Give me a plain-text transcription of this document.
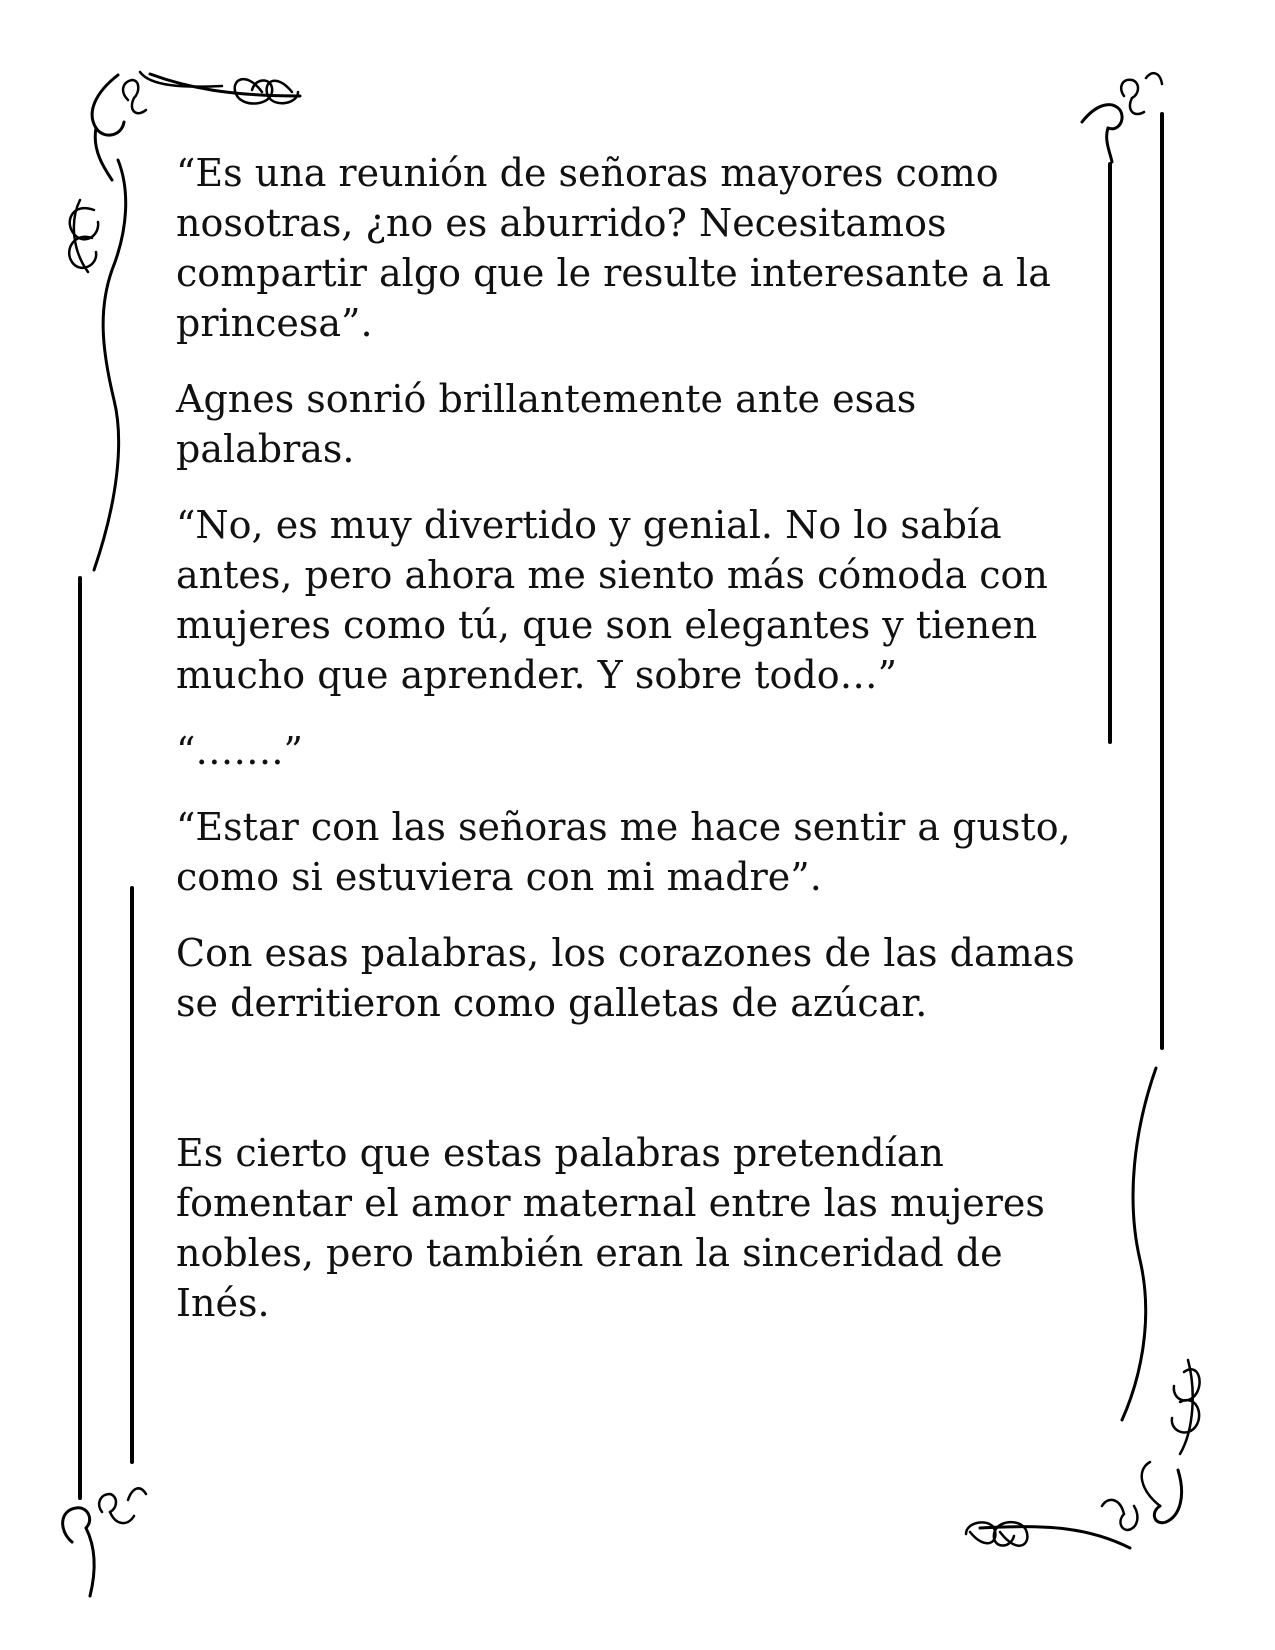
“Es una reunión de señoras mayores como nosotras, ¿no es aburrido? Necesitamos compartir algo que le resulte interesante a la princesa”.

Agnes sonrió brillantemente ante esas palabras.

“No, es muy divertido y genial. No lo sabía antes, pero ahora me siento más cómoda con mujeres como tú, que son elegantes y tienen mucho que aprender. Y sobre todo…”

“…….”

“Estar con las señoras me hace sentir a gusto, como si estuviera con mi madre”.

Con esas palabras, los corazones de las damas se derritieron como galletas de azúcar.

Es cierto que estas palabras pretendían fomentar el amor maternal entre las mujeres nobles, pero también eran la sinceridad de Inés.
